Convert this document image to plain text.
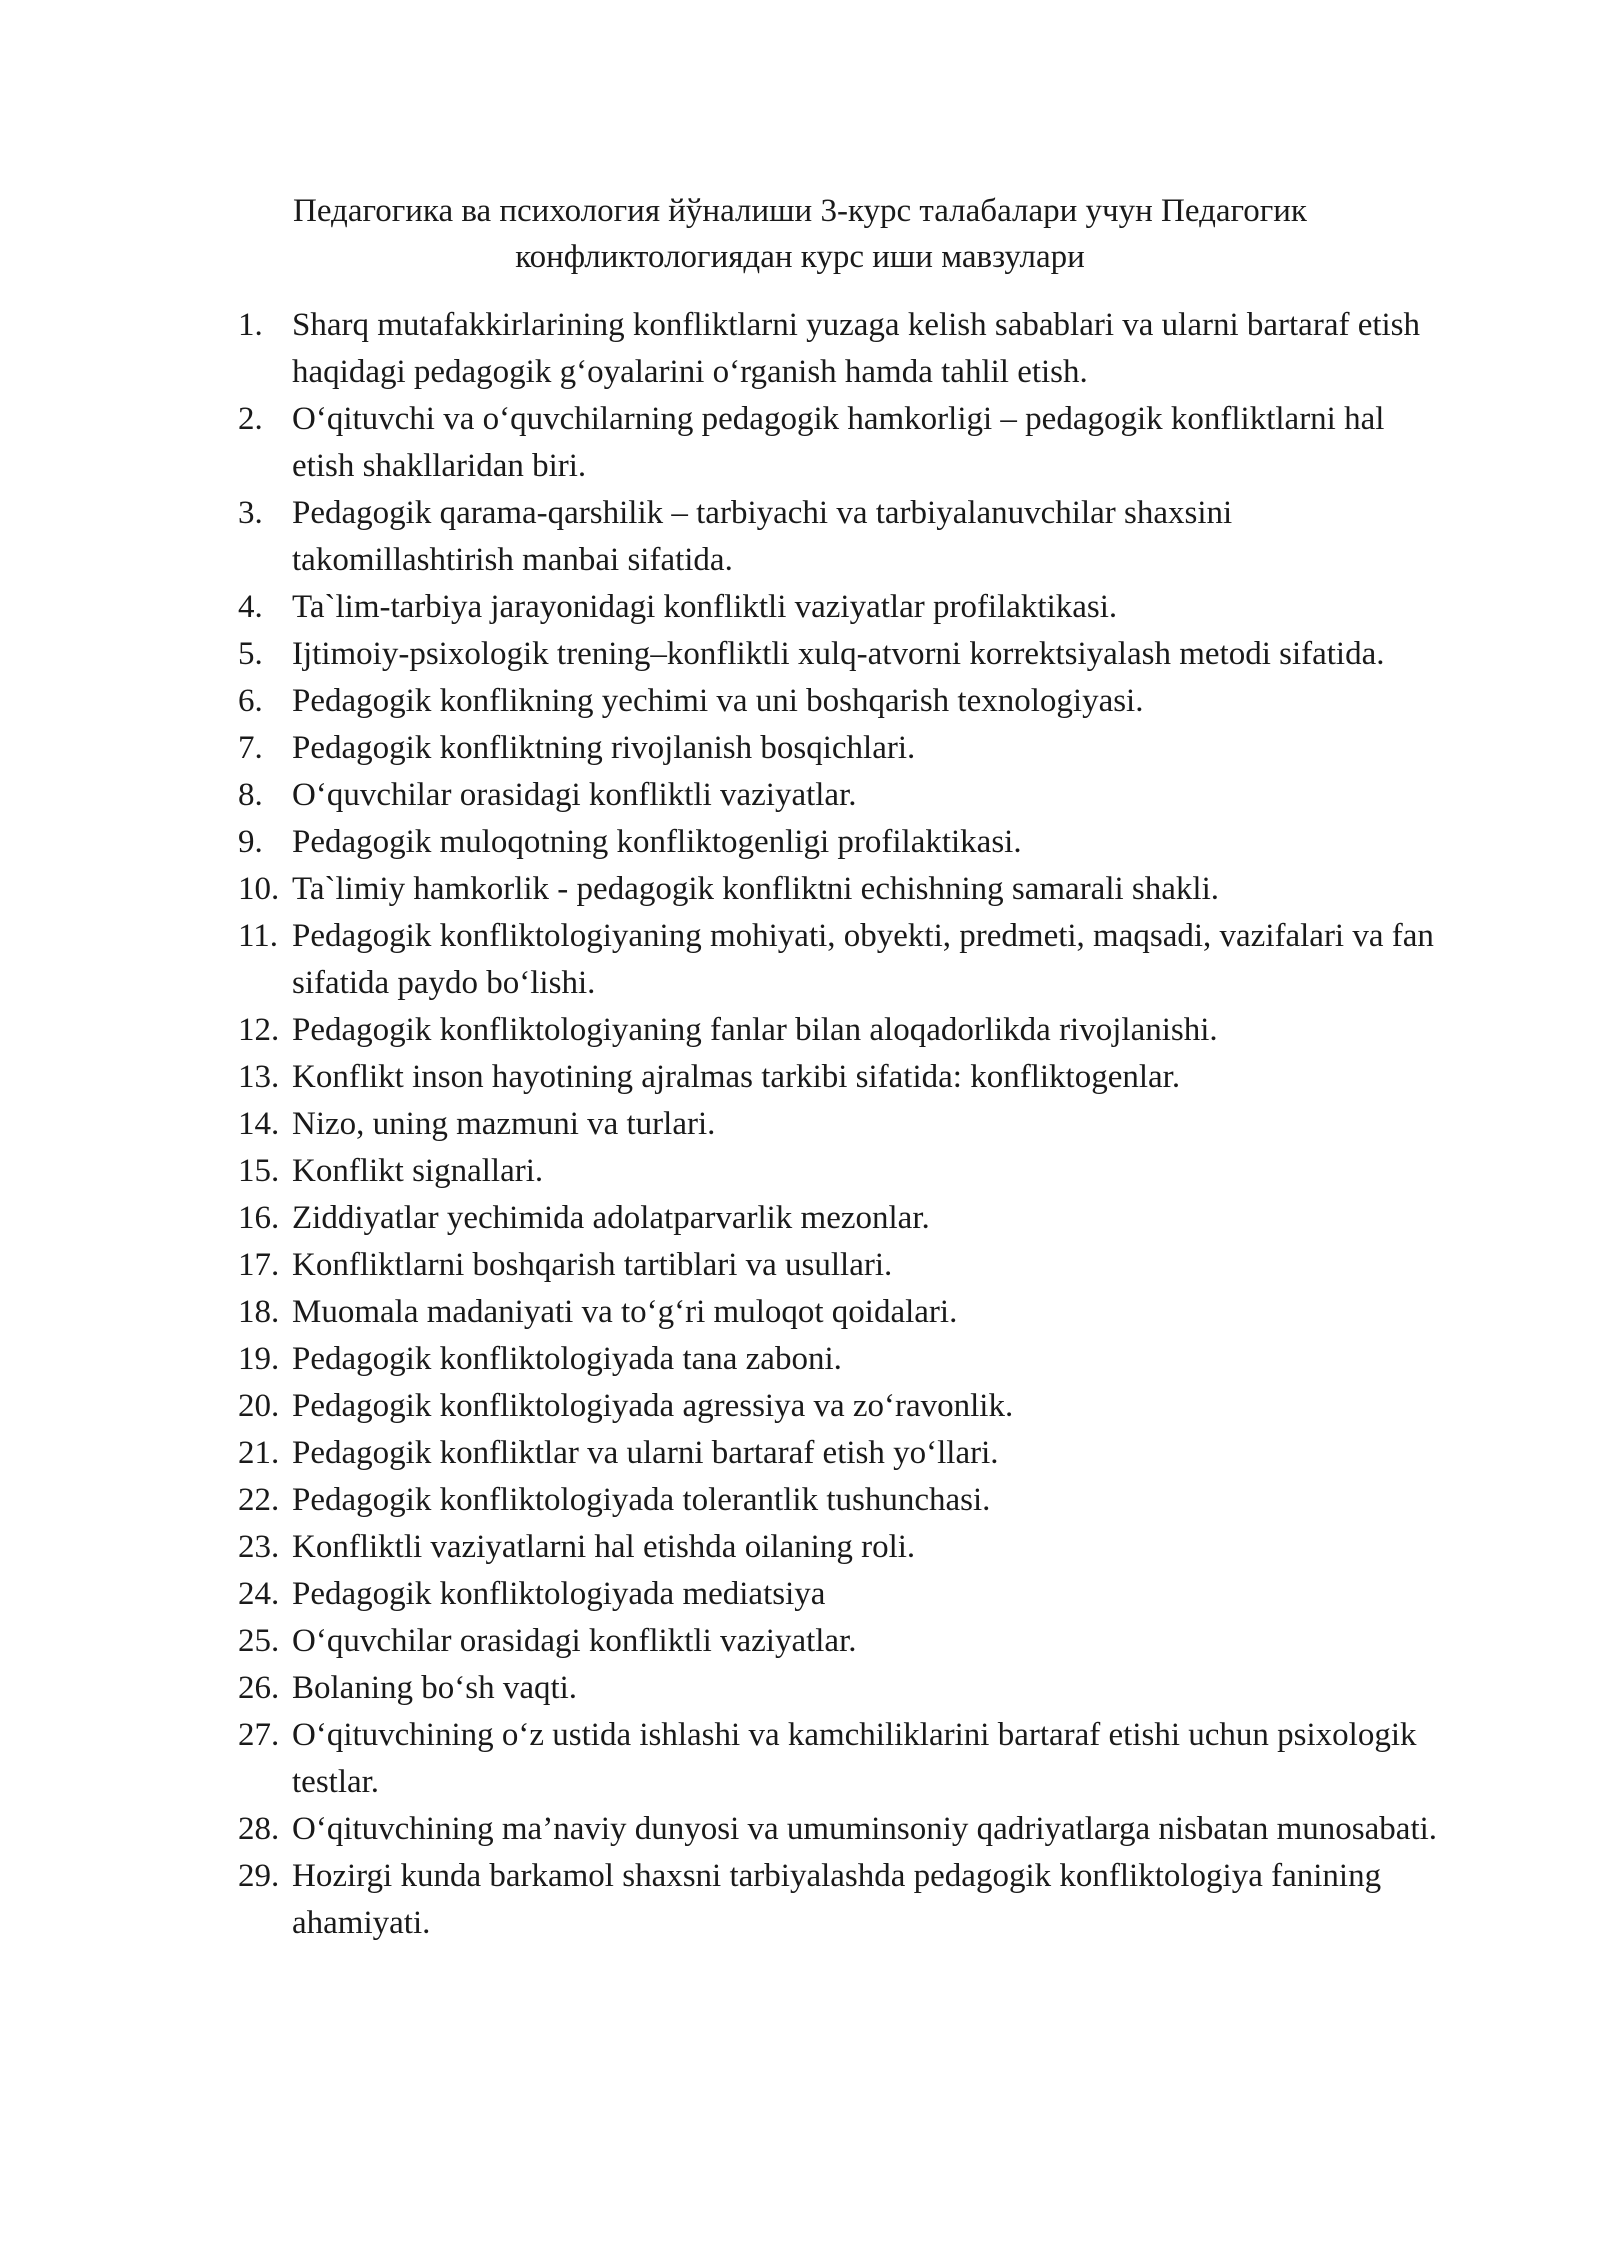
Педагогика ва психология йўналиши 3-курс талабалари учун Педагогик
конфликтологиядан курс иши мавзулари
1. Sharq mutafakkirlarining konfliktlarni yuzaga kelish sabablari va ularni bartaraf etish haqidagi pedagogik g‘oyalarini o‘rganish hamda tahlil etish.
2. O‘qituvchi va o‘quvchilarning pedagogik hamkorligi – pedagogik konfliktlarni hal etish shakllaridan biri.
3. Pedagogik qarama-qarshilik – tarbiyachi va tarbiyalanuvchilar shaxsini takomillashtirish manbai sifatida.
4. Ta`lim-tarbiya jarayonidagi konfliktli vaziyatlar profilaktikasi.
5. Ijtimoiy-psixologik trening–konfliktli xulq-atvorni korrektsiyalash metodi sifatida.
6. Pedagogik konflikning yechimi va uni boshqarish texnologiyasi.
7. Pedagogik konfliktning rivojlanish bosqichlari.
8. O‘quvchilar orasidagi konfliktli vaziyatlar.
9. Pedagogik muloqotning konfliktogenligi profilaktikasi.
10. Ta`limiy hamkorlik - pedagogik konfliktni echishning samarali shakli.
11. Pedagogik konfliktologiyaning mohiyati, obyekti, predmeti, maqsadi, vazifalari va fan sifatida paydo bo‘lishi.
12. Pedagogik konfliktologiyaning fanlar bilan aloqadorlikda rivojlanishi.
13. Konflikt inson hayotining ajralmas tarkibi sifatida: konfliktogenlar.
14. Nizo, uning mazmuni va turlari.
15. Konflikt signallari.
16. Ziddiyatlar yechimida adolatparvarlik mezonlar.
17. Konfliktlarni boshqarish tartiblari va usullari.
18. Muomala madaniyati va to‘g‘ri muloqot qoidalari.
19. Pedagogik konfliktologiyada tana zaboni.
20. Pedagogik konfliktologiyada agressiya va zo‘ravonlik.
21. Pedagogik konfliktlar va ularni bartaraf etish yo‘llari.
22. Pedagogik konfliktologiyada tolerantlik tushunchasi.
23. Konfliktli vaziyatlarni hal etishda oilaning roli.
24. Pedagogik konfliktologiyada mediatsiya
25. O‘quvchilar orasidagi konfliktli vaziyatlar.
26. Bolaning bo‘sh vaqti.
27. O‘qituvchining o‘z ustida ishlashi va kamchiliklarini bartaraf etishi uchun psixologik testlar.
28. O‘qituvchining ma’naviy dunyosi va umuminsoniy qadriyatlarga nisbatan munosabati.
29. Hozirgi kunda barkamol shaxsni tarbiyalashda pedagogik konfliktologiya fanining ahamiyati.
